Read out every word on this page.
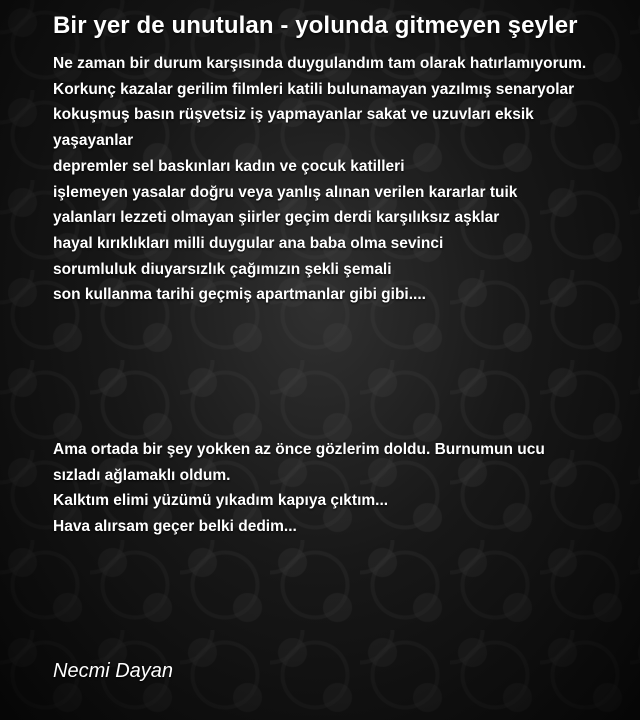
Bir yer de unutulan - yolunda gitmeyen şeyler
Ne zaman bir durum karşısında duygulandım tam olarak hatırlamıyorum.
Korkunç kazalar gerilim filmleri katili bulunamayan yazılmış senaryolar
kokuşmuş basın rüşvetsiz iş yapmayanlar sakat ve uzuvları eksik
yaşayanlar
depremler sel baskınları kadın ve çocuk katilleri
işlemeyen yasalar doğru veya yanlış alınan verilen kararlar tuik
yalanları lezzeti olmayan şiirler geçim derdi karşılıksız aşklar
hayal kırıklıkları milli duygular ana baba olma sevinci
sorumluluk diuyarsızlık çağımızın şekli şemali
son kullanma tarihi geçmiş apartmanlar gibi gibi....
Ama ortada bir şey yokken az önce gözlerim doldu. Burnumun ucu
sızladı ağlamaklı oldum.
Kalktım elimi yüzümü yıkadım kapıya çıktım...
Hava alırsam geçer belki dedim...

Necmi Dayan
